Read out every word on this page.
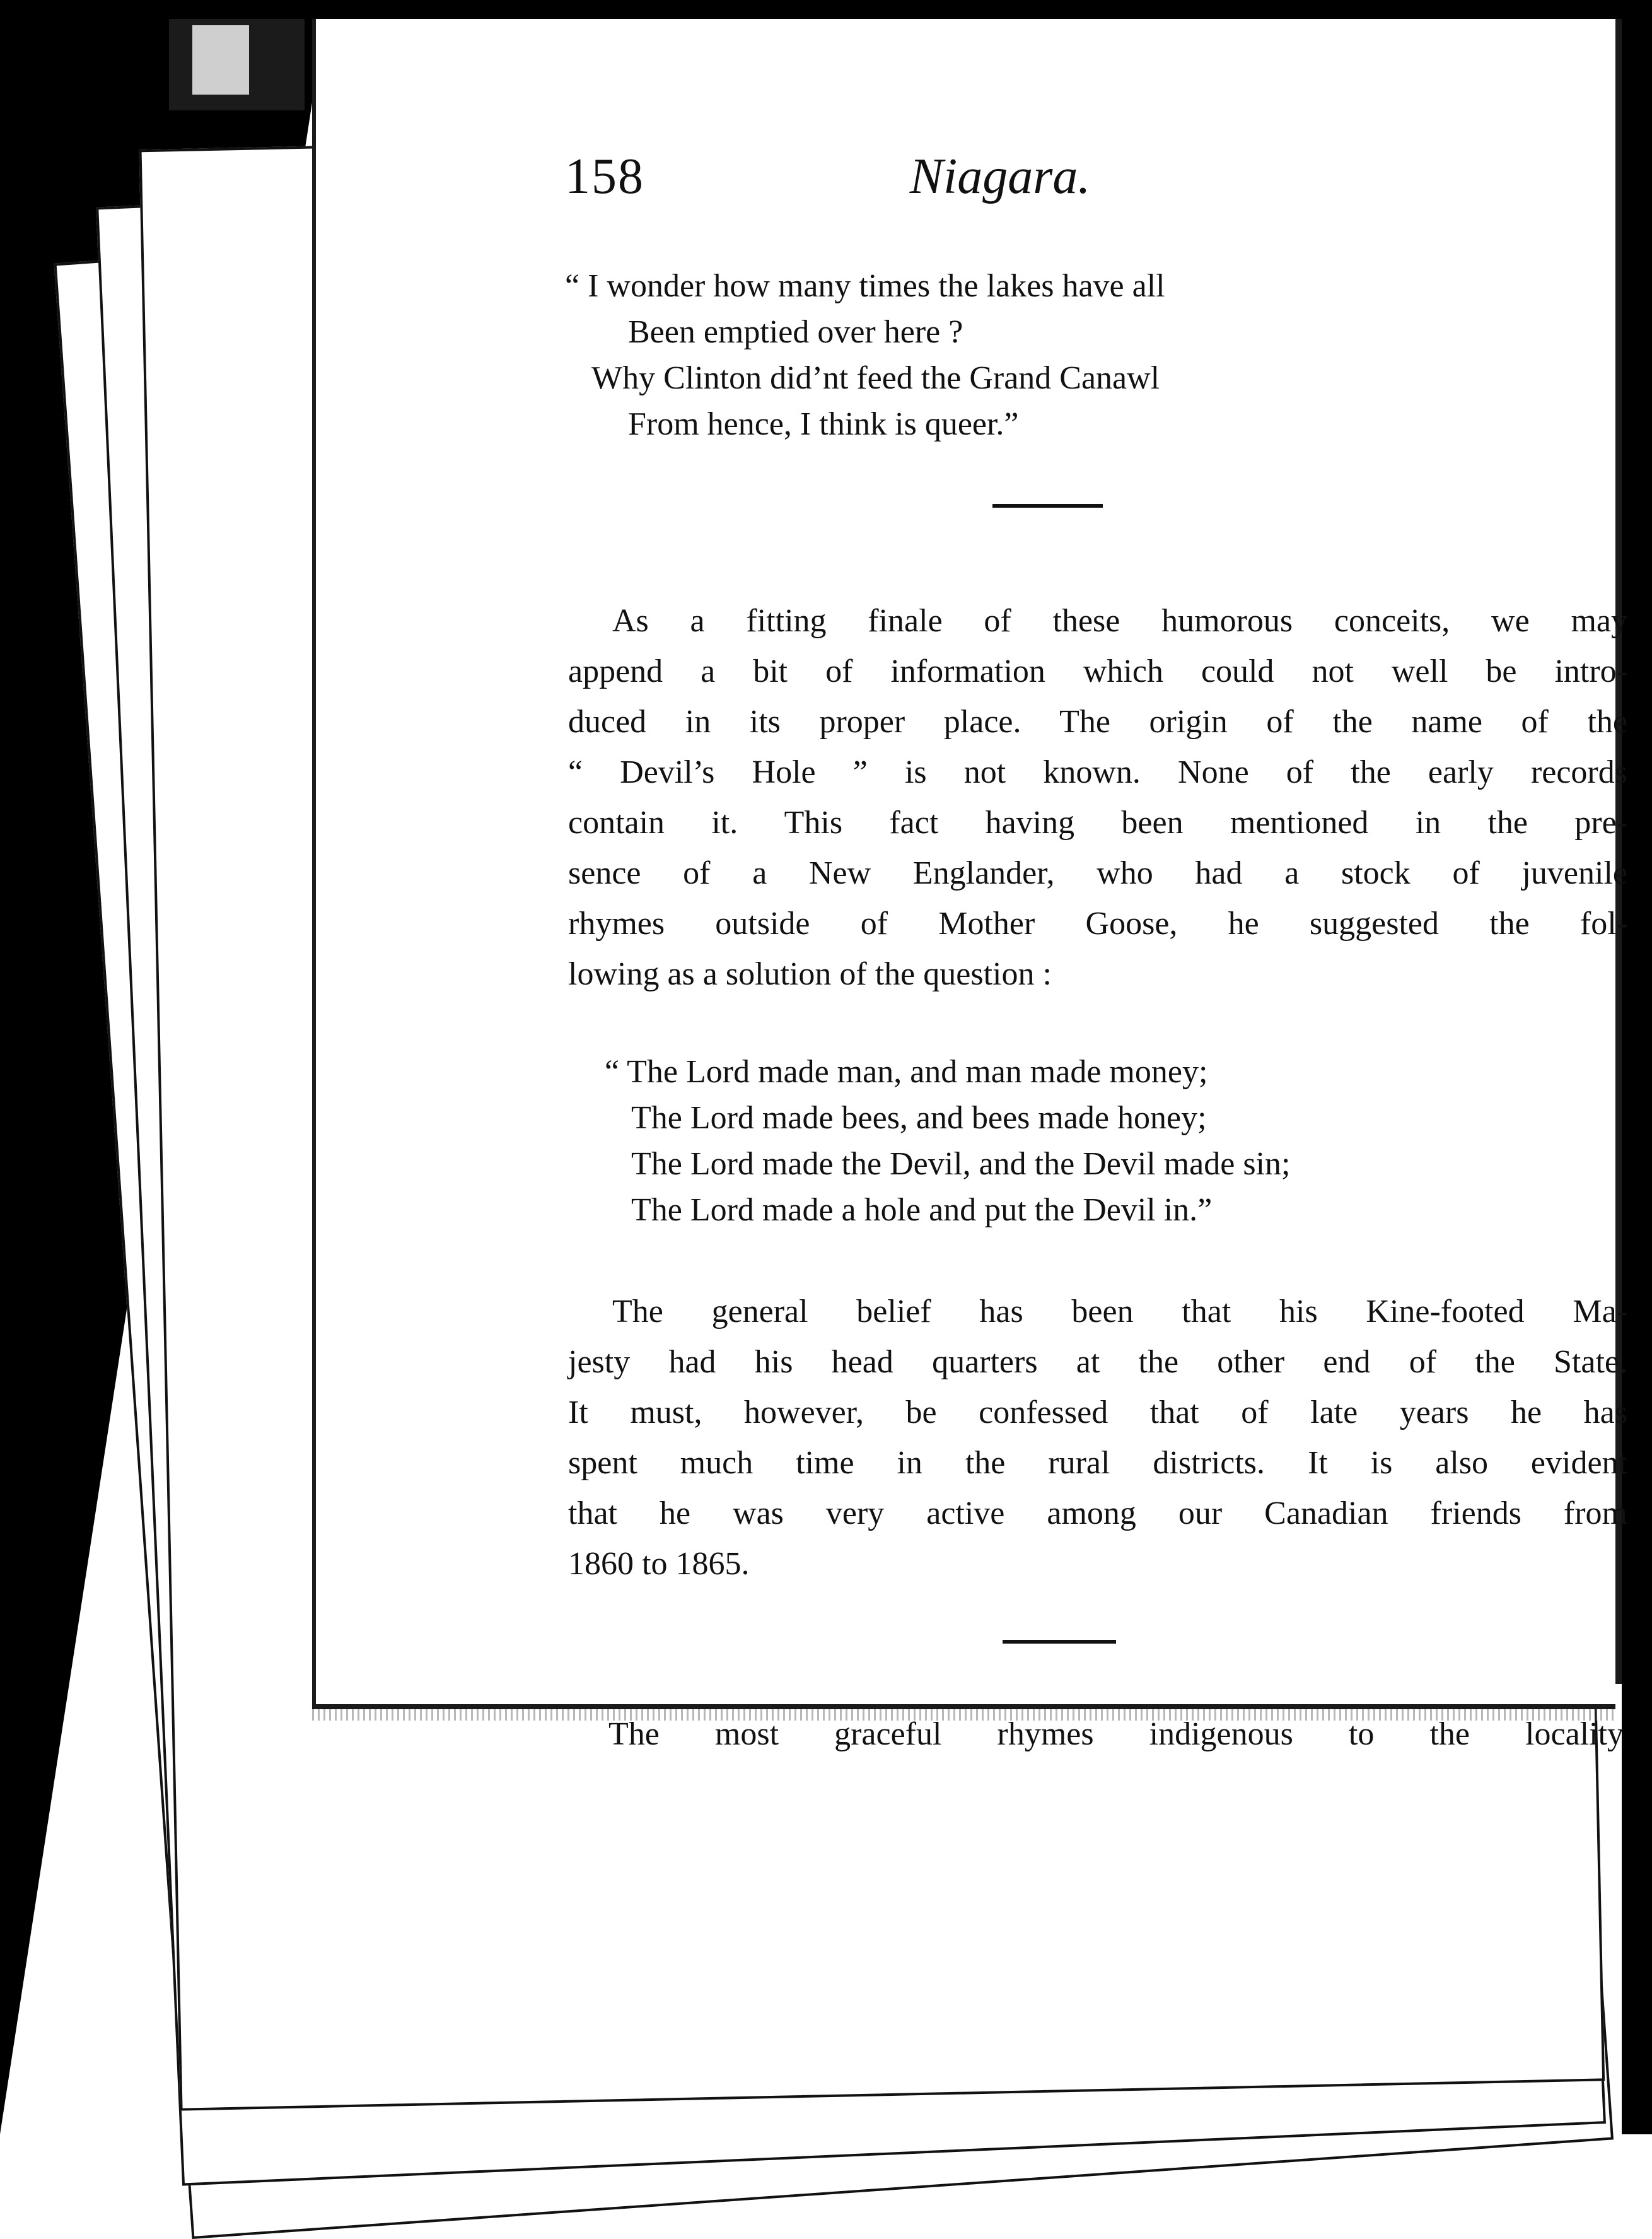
Niagara.
158
“ I wonder how many times the lakes have all
Been emptied over here ?
Why Clinton did’nt feed the Grand Canawl
From hence, I think is queer.”
As a fitting finale of these humorous conceits, we may
append a bit of information which could not well be intro-
duced in its proper place. The origin of the name of the
“ Devil’s Hole ” is not known. None of the early records
contain it. This fact having been mentioned in the pre-
sence of a New Englander, who had a stock of juvenile
rhymes outside of Mother Goose, he suggested the fol-
lowing as a solution of the question :
“ The Lord made man, and man made money;
The Lord made bees, and bees made honey;
The Lord made the Devil, and the Devil made sin;
The Lord made a hole and put the Devil in.”
The general belief has been that his Kine-footed Ma-
jesty had his head quarters at the other end of the State.
It must, however, be confessed that of late years he has
spent much time in the rural districts. It is also evident
that he was very active among our Canadian friends from
1860 to 1865.
The most graceful rhymes indigenous to the locality
